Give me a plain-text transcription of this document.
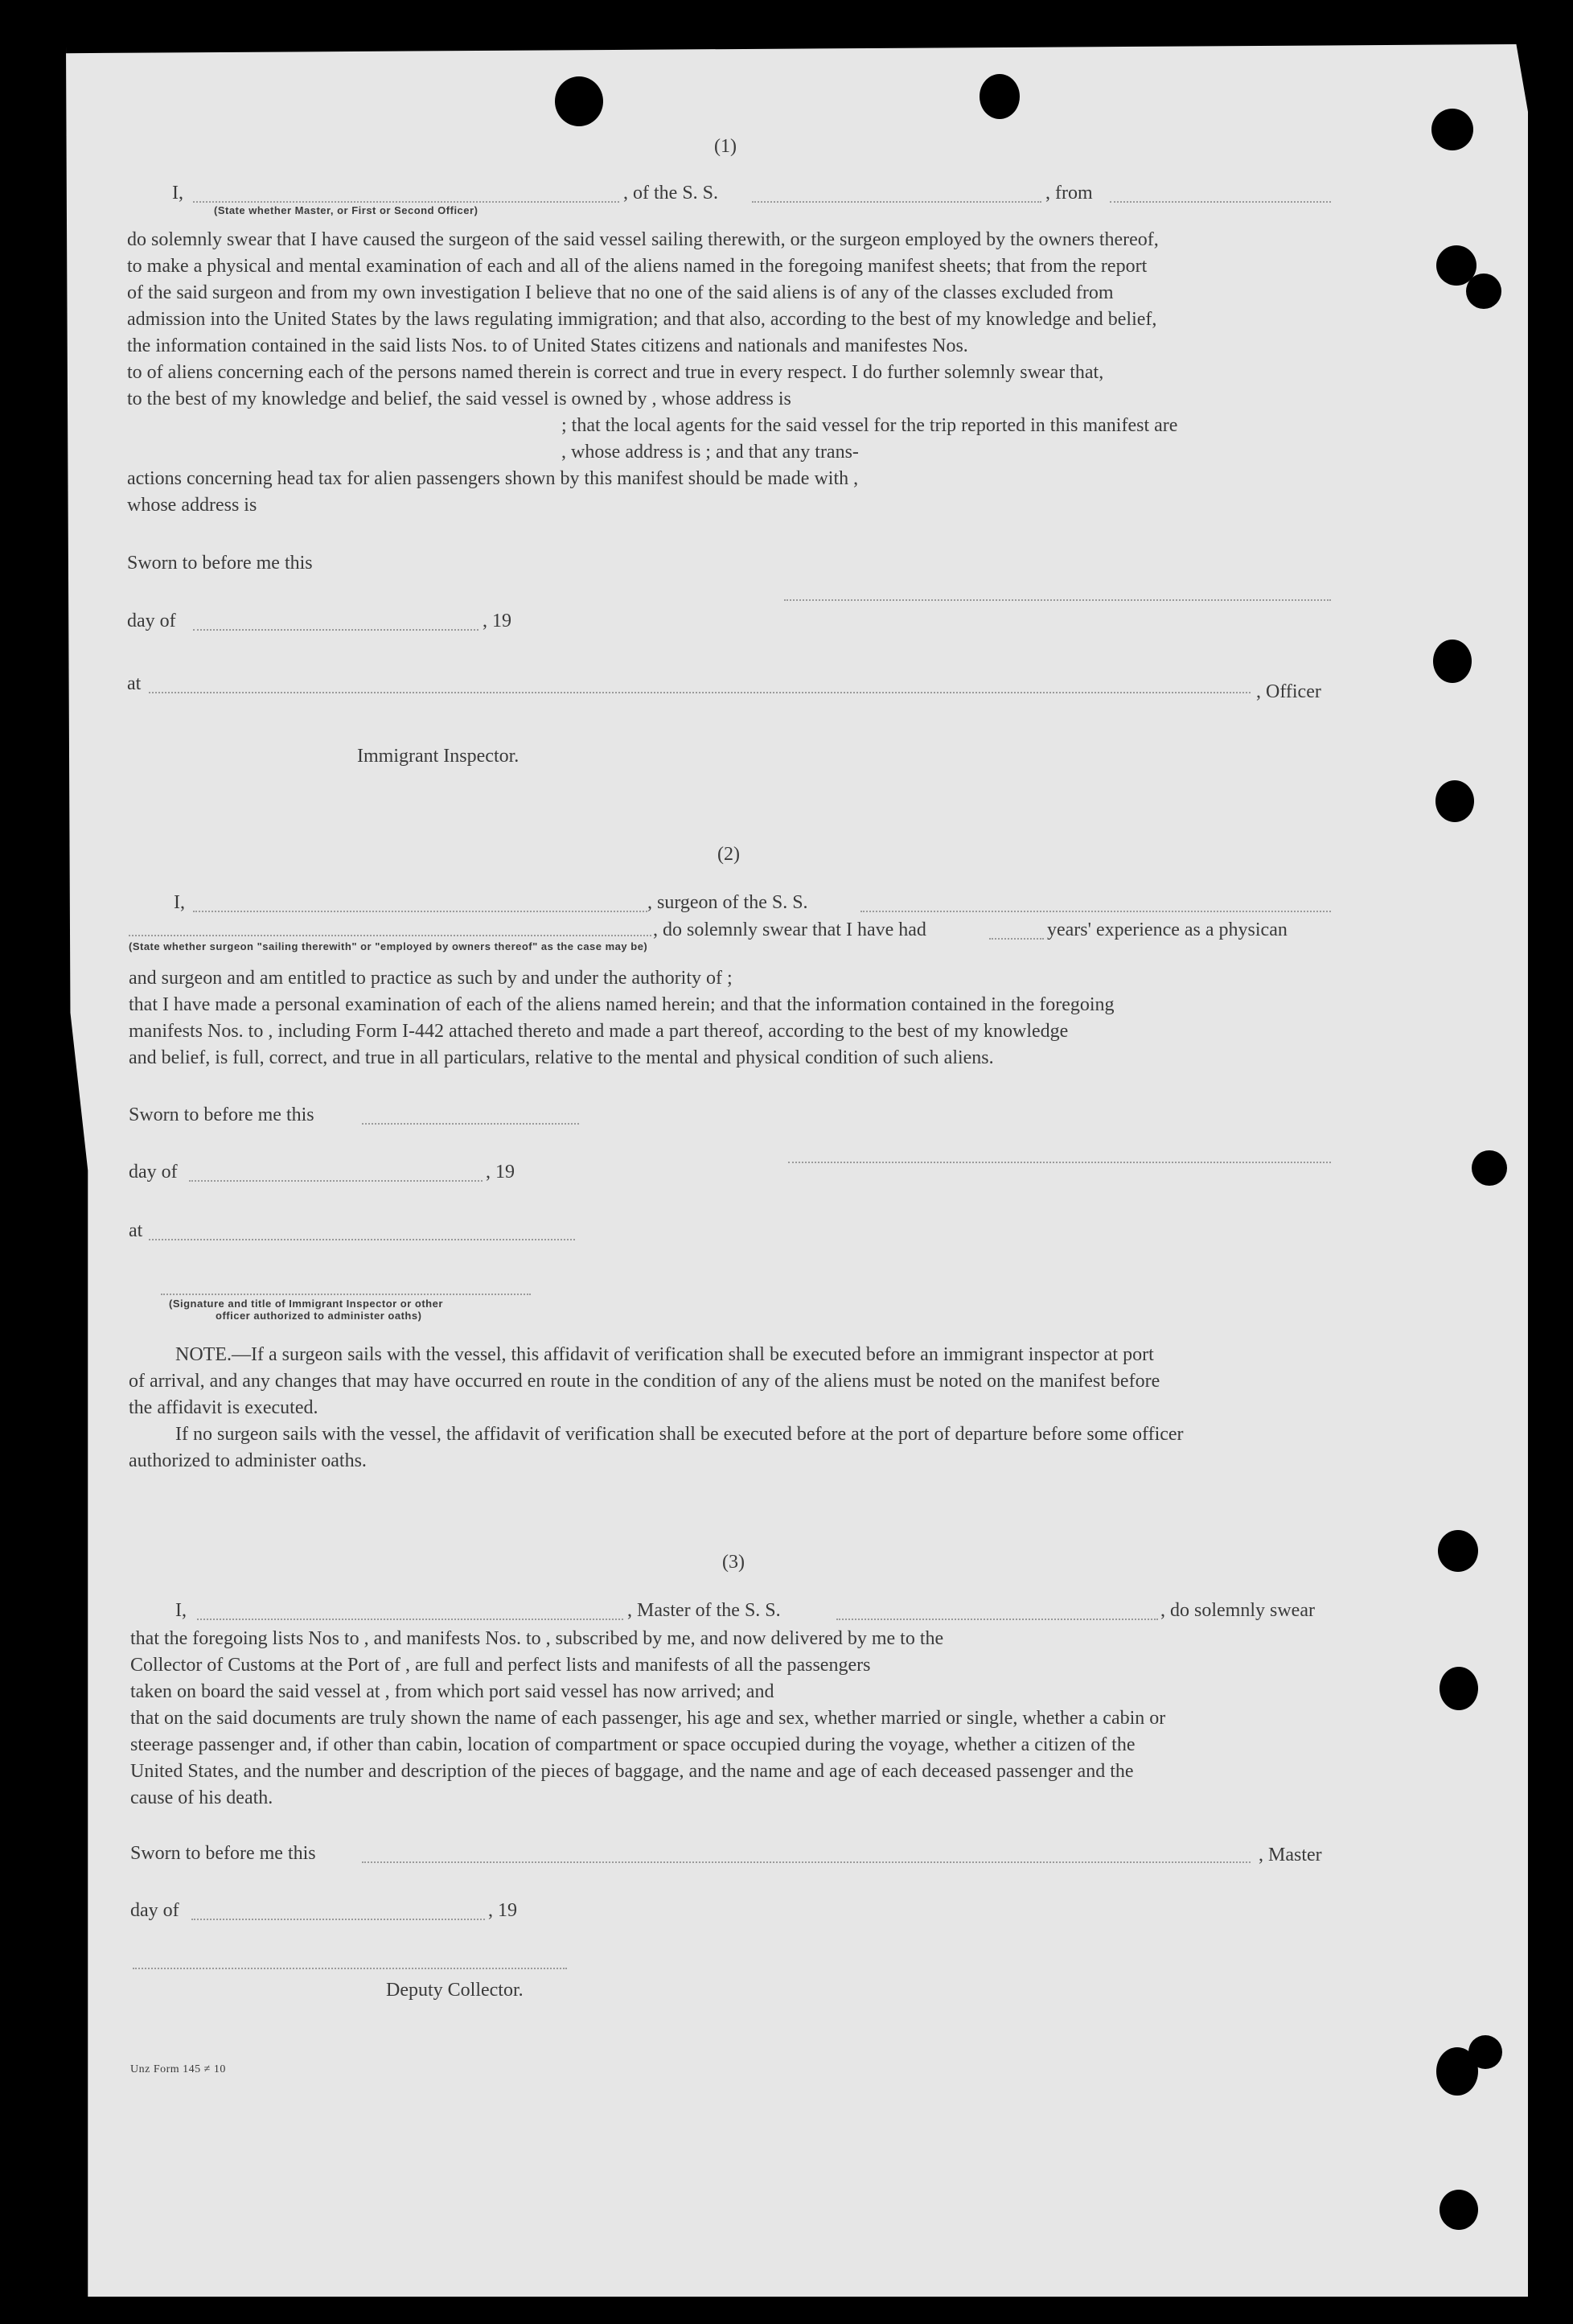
(1)
I,
(State whether Master, or First or Second Officer)
, of the S. S.	, from
do solemnly swear that I have caused the surgeon of the said vessel sailing therewith, or the surgeon employed by the owners thereof,
to make a physical and mental examination of each and all of the aliens named in the foregoing manifest sheets; that from the report
of the said surgeon and from my own investigation I believe that no one of the said aliens is of any of the classes excluded from
admission into the United States by the laws regulating immigration; and that also, according to the best of my knowledge and belief,
the information contained in the said lists Nos. to of United States citizens and nationals and manifestes Nos.
to of aliens concerning each of the persons named therein is correct and true in every respect. I do further solemnly swear that,
to the best of my knowledge and belief, the said vessel is owned by , whose address is
; that the local agents for the said vessel for the trip reported in this manifest are
, whose address is ; and that any trans-
actions concerning head tax for alien passengers shown by this manifest should be made with ,
whose address is
Sworn to before me this
day of	, 19
at	, Officer
Immigrant Inspector.
(2)
I,	, surgeon of the S. S.
, do solemnly swear that I have had	years' experience as a physican
(State whether surgeon "sailing therewith" or "employed by owners thereof" as the case may be)
and surgeon and am entitled to practice as such by and under the authority of ;
that I have made a personal examination of each of the aliens named herein; and that the information contained in the foregoing
manifests Nos. to , including Form I-442 attached thereto and made a part thereof, according to the best of my knowledge
and belief, is full, correct, and true in all particulars, relative to the mental and physical condition of such aliens.
Sworn to before me this
day of	, 19
at
(Signature and title of Immigrant Inspector or other
officer authorized to administer oaths)
NOTE.—If a surgeon sails with the vessel, this affidavit of verification shall be executed before an immigrant inspector at port
of arrival, and any changes that may have occurred en route in the condition of any of the aliens must be noted on the manifest before
the affidavit is executed.
If no surgeon sails with the vessel, the affidavit of verification shall be executed before at the port of departure before some officer
authorized to administer oaths.
(3)
I,	, Master of the S. S.	, do solemnly swear
that the foregoing lists Nos to , and manifests Nos. to , subscribed by me, and now delivered by me to the
Collector of Customs at the Port of , are full and perfect lists and manifests of all the passengers
taken on board the said vessel at , from which port said vessel has now arrived; and
that on the said documents are truly shown the name of each passenger, his age and sex, whether married or single, whether a cabin or
steerage passenger and, if other than cabin, location of compartment or space occupied during the voyage, whether a citizen of the
United States, and the number and description of the pieces of baggage, and the name and age of each deceased passenger and the
cause of his death.
Sworn to before me this	, Master
day of	, 19
Deputy Collector.
Unz Form 145 ≠ 10
